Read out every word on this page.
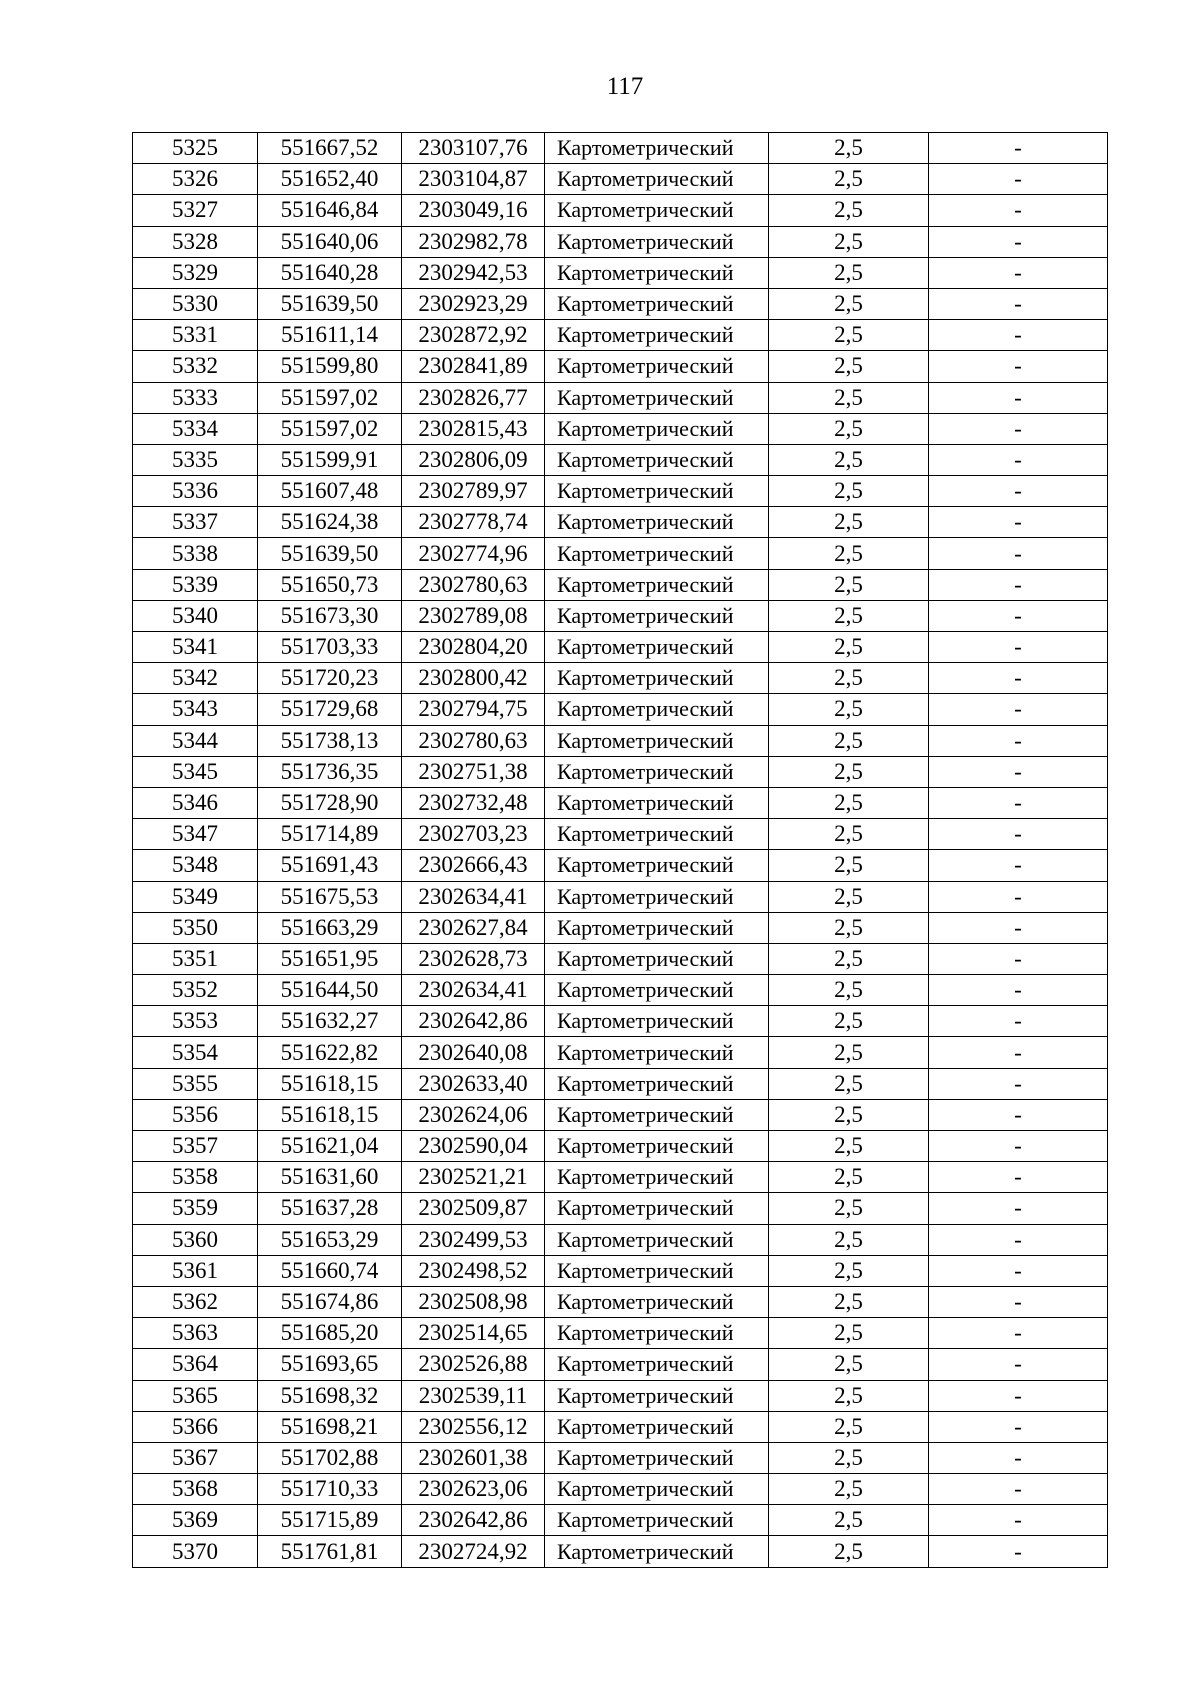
117
5325	551667,52	2303107,76	Картометрический	2,5	-
5326	551652,40	2303104,87	Картометрический	2,5	-
5327	551646,84	2303049,16	Картометрический	2,5	-
5328	551640,06	2302982,78	Картометрический	2,5	-
5329	551640,28	2302942,53	Картометрический	2,5	-
5330	551639,50	2302923,29	Картометрический	2,5	-
5331	551611,14	2302872,92	Картометрический	2,5	-
5332	551599,80	2302841,89	Картометрический	2,5	-
5333	551597,02	2302826,77	Картометрический	2,5	-
5334	551597,02	2302815,43	Картометрический	2,5	-
5335	551599,91	2302806,09	Картометрический	2,5	-
5336	551607,48	2302789,97	Картометрический	2,5	-
5337	551624,38	2302778,74	Картометрический	2,5	-
5338	551639,50	2302774,96	Картометрический	2,5	-
5339	551650,73	2302780,63	Картометрический	2,5	-
5340	551673,30	2302789,08	Картометрический	2,5	-
5341	551703,33	2302804,20	Картометрический	2,5	-
5342	551720,23	2302800,42	Картометрический	2,5	-
5343	551729,68	2302794,75	Картометрический	2,5	-
5344	551738,13	2302780,63	Картометрический	2,5	-
5345	551736,35	2302751,38	Картометрический	2,5	-
5346	551728,90	2302732,48	Картометрический	2,5	-
5347	551714,89	2302703,23	Картометрический	2,5	-
5348	551691,43	2302666,43	Картометрический	2,5	-
5349	551675,53	2302634,41	Картометрический	2,5	-
5350	551663,29	2302627,84	Картометрический	2,5	-
5351	551651,95	2302628,73	Картометрический	2,5	-
5352	551644,50	2302634,41	Картометрический	2,5	-
5353	551632,27	2302642,86	Картометрический	2,5	-
5354	551622,82	2302640,08	Картометрический	2,5	-
5355	551618,15	2302633,40	Картометрический	2,5	-
5356	551618,15	2302624,06	Картометрический	2,5	-
5357	551621,04	2302590,04	Картометрический	2,5	-
5358	551631,60	2302521,21	Картометрический	2,5	-
5359	551637,28	2302509,87	Картометрический	2,5	-
5360	551653,29	2302499,53	Картометрический	2,5	-
5361	551660,74	2302498,52	Картометрический	2,5	-
5362	551674,86	2302508,98	Картометрический	2,5	-
5363	551685,20	2302514,65	Картометрический	2,5	-
5364	551693,65	2302526,88	Картометрический	2,5	-
5365	551698,32	2302539,11	Картометрический	2,5	-
5366	551698,21	2302556,12	Картометрический	2,5	-
5367	551702,88	2302601,38	Картометрический	2,5	-
5368	551710,33	2302623,06	Картометрический	2,5	-
5369	551715,89	2302642,86	Картометрический	2,5	-
5370	551761,81	2302724,92	Картометрический	2,5	-
